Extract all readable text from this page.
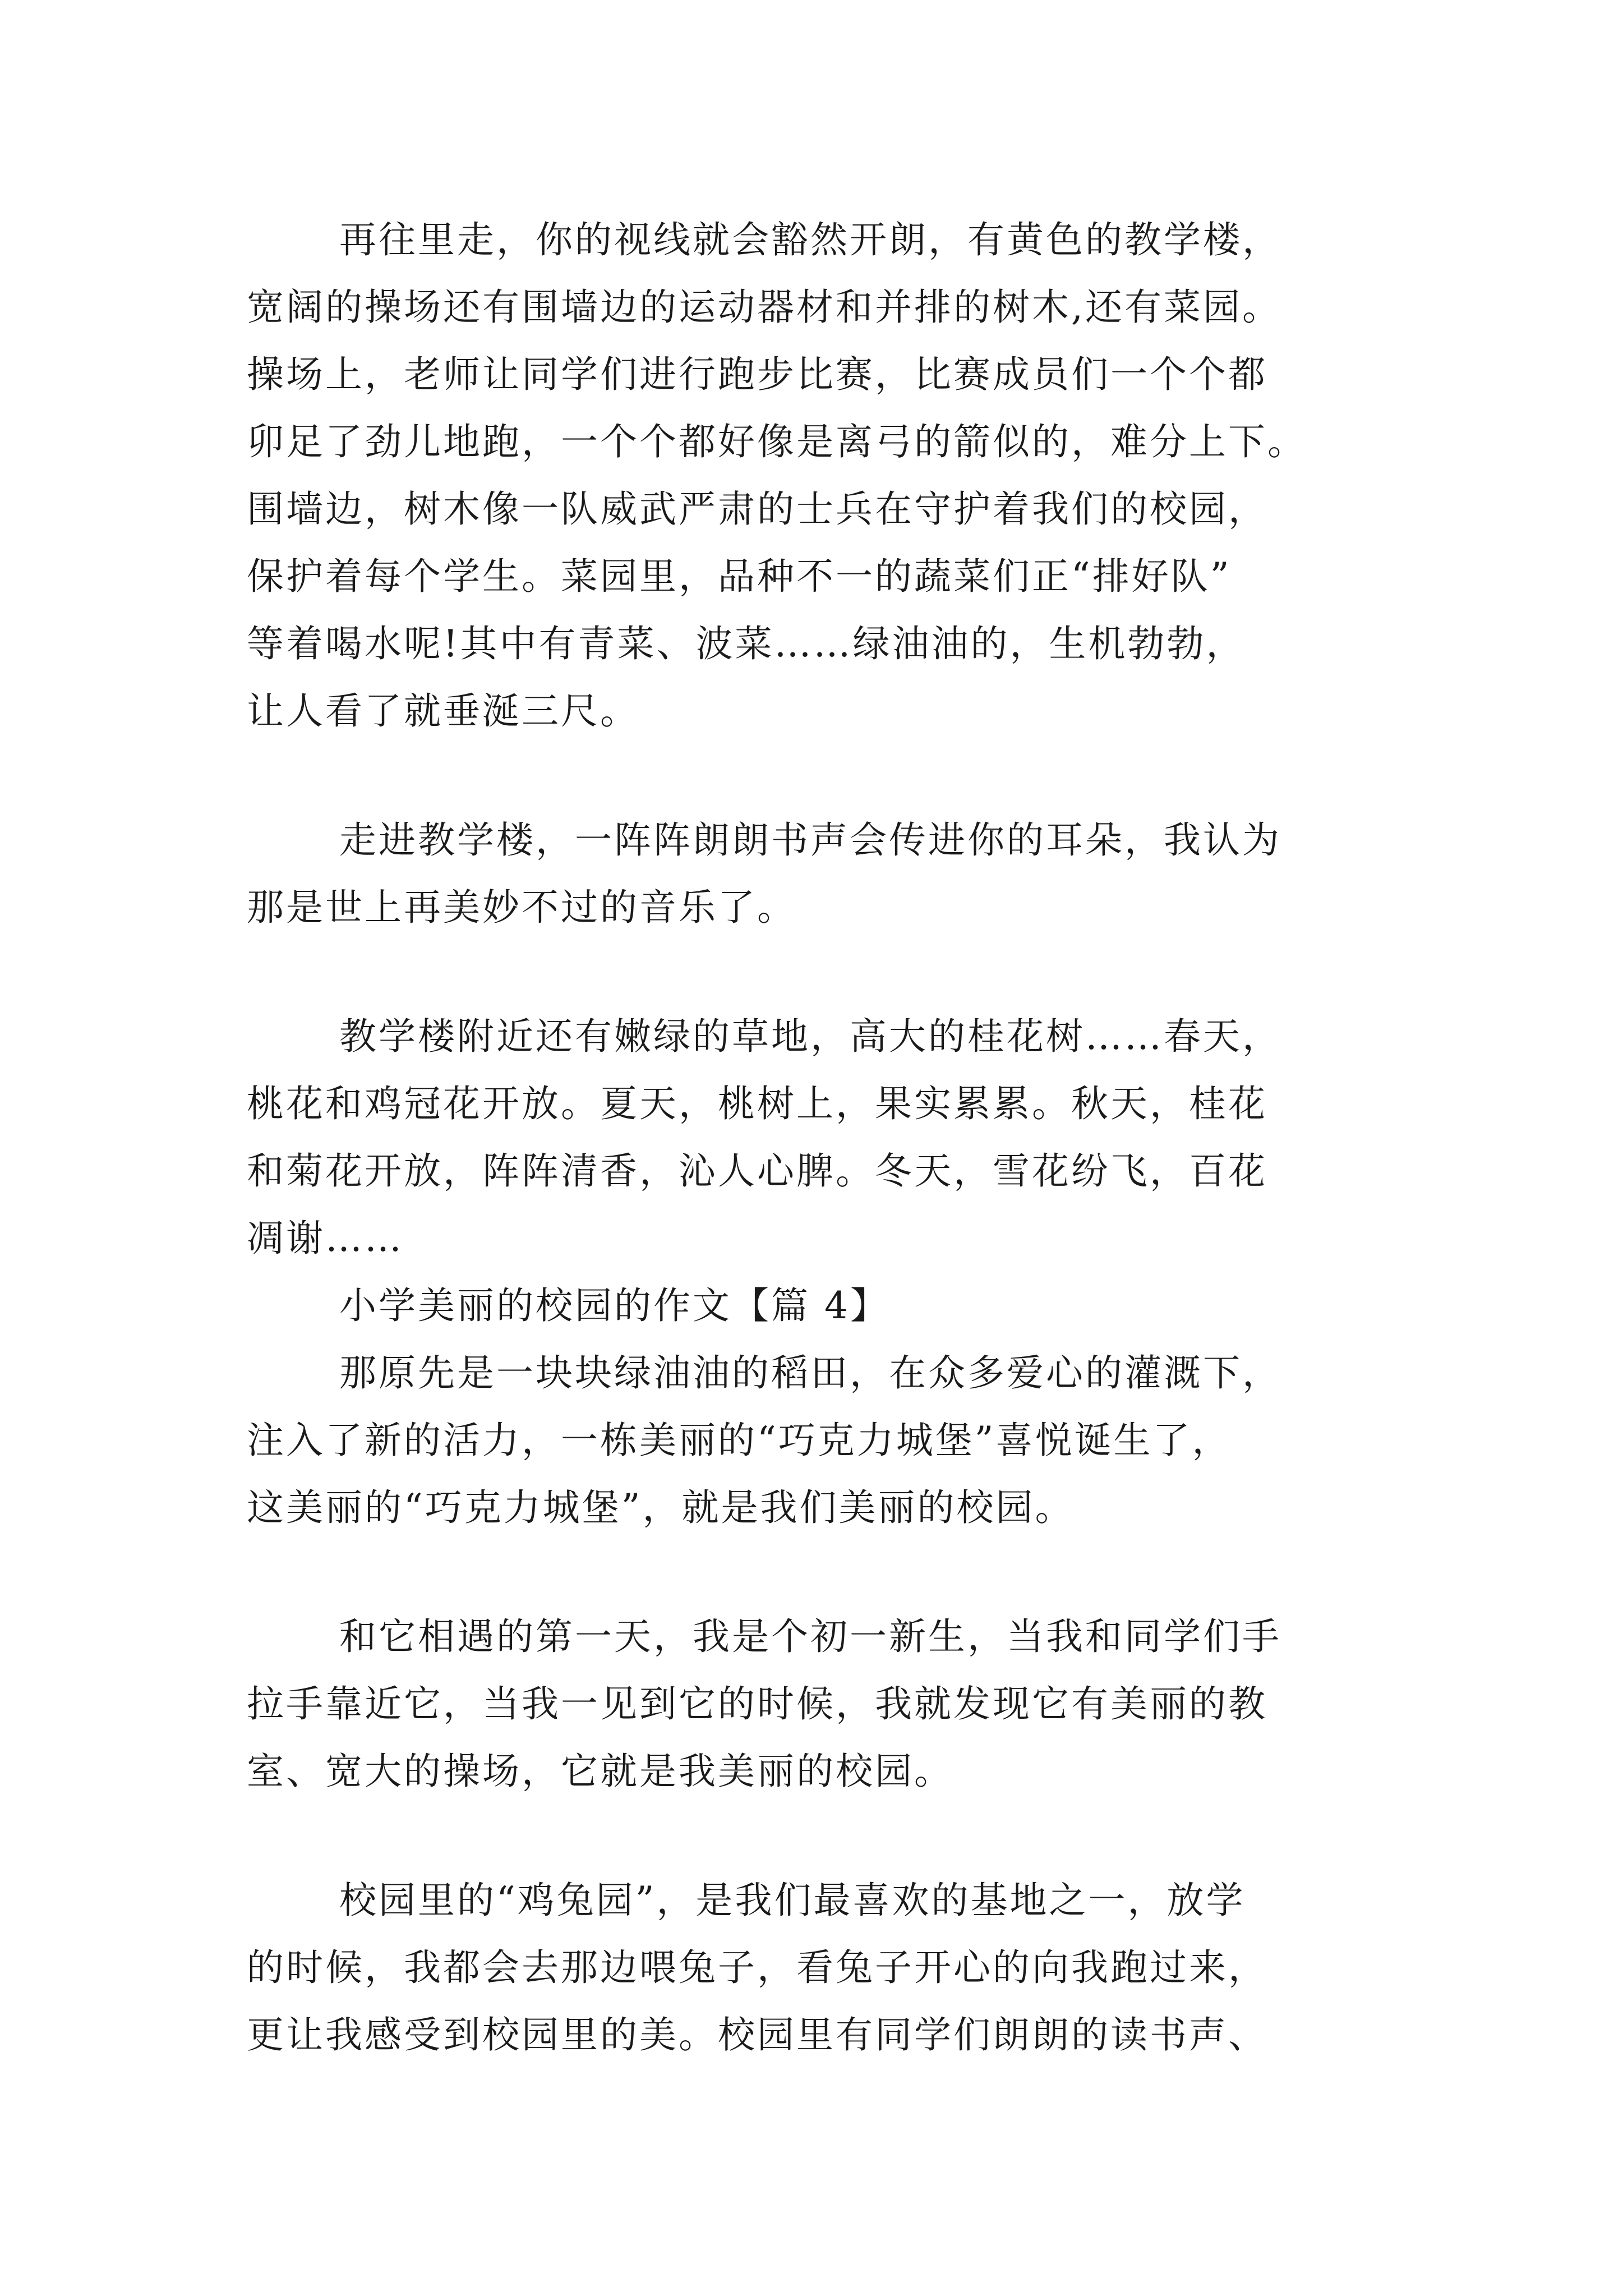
再往里走，你的视线就会豁然开朗，有黄色的教学楼，
宽阔的操场还有围墙边的运动器材和并排的树木,还有菜园。
操场上，老师让同学们进行跑步比赛，比赛成员们一个个都
卯足了劲儿地跑，一个个都好像是离弓的箭似的，难分上下。
围墙边，树木像一队威武严肃的士兵在守护着我们的校园，
保护着每个学生。菜园里，品种不一的蔬菜们正“排好队”
等着喝水呢!其中有青菜、波菜……绿油油的，生机勃勃，
让人看了就垂涎三尺。
走进教学楼，一阵阵朗朗书声会传进你的耳朵，我认为
那是世上再美妙不过的音乐了。
教学楼附近还有嫩绿的草地，高大的桂花树……春天，
桃花和鸡冠花开放。夏天，桃树上，果实累累。秋天，桂花
和菊花开放，阵阵清香，沁人心脾。冬天，雪花纷飞，百花
凋谢……
小学美丽的校园的作文【篇 4】
那原先是一块块绿油油的稻田，在众多爱心的灌溉下，
注入了新的活力，一栋美丽的“巧克力城堡”喜悦诞生了，
这美丽的“巧克力城堡”，就是我们美丽的校园。
和它相遇的第一天，我是个初一新生，当我和同学们手
拉手靠近它，当我一见到它的时候，我就发现它有美丽的教
室、宽大的操场，它就是我美丽的校园。
校园里的“鸡兔园”，是我们最喜欢的基地之一，放学
的时候，我都会去那边喂兔子，看兔子开心的向我跑过来，
更让我感受到校园里的美。校园里有同学们朗朗的读书声、
